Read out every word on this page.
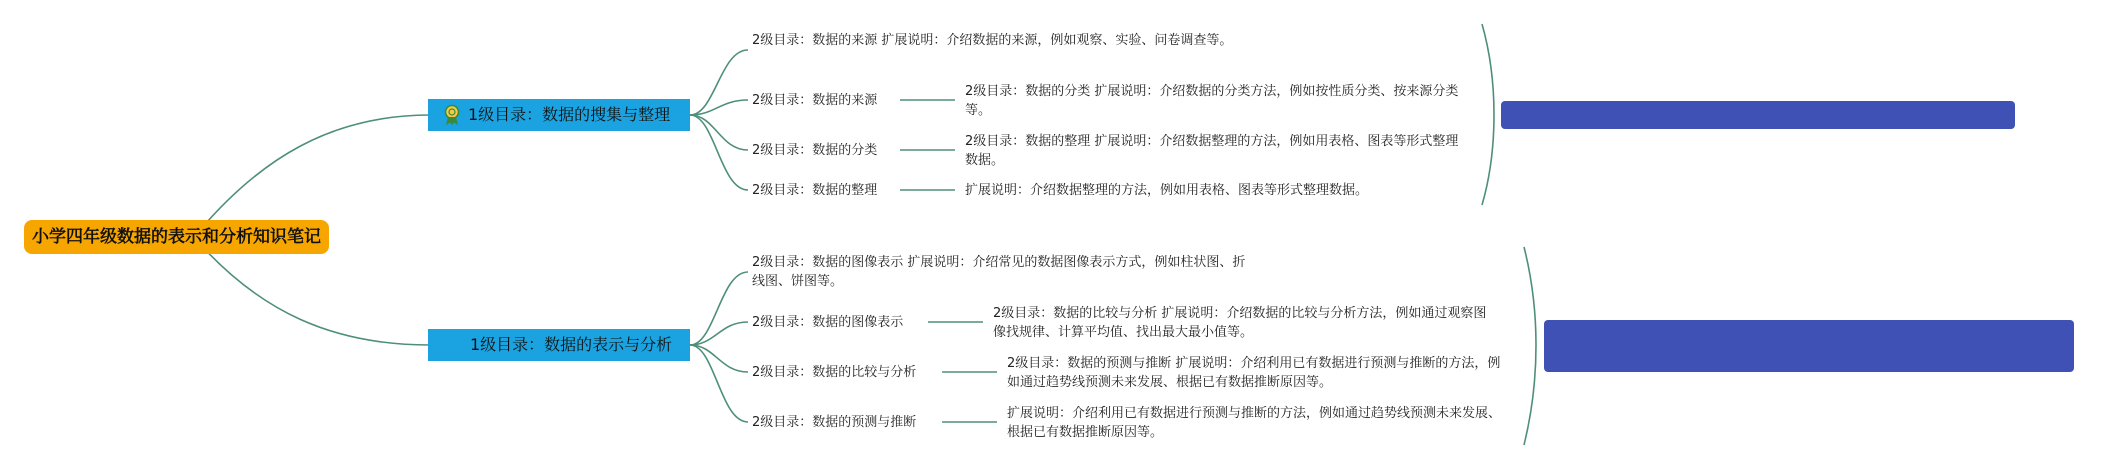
小学四年级数据的表示和分析知识笔记
1级目录：数据的搜集与整理
1级目录：数据的表示与分析
2级目录：数据的来源 扩展说明：介绍数据的来源，例如观察、实验、问卷调查等。
2级目录：数据的来源
2级目录：数据的分类
2级目录：数据的整理
2级目录：数据的分类 扩展说明：介绍数据的分类方法，例如按性质分类、按来源分类等。
2级目录：数据的整理 扩展说明：介绍数据整理的方法，例如用表格、图表等形式整理数据。
扩展说明：介绍数据整理的方法，例如用表格、图表等形式整理数据。
2级目录：数据的图像表示 扩展说明：介绍常见的数据图像表示方式，例如柱状图、折线图、饼图等。
2级目录：数据的图像表示
2级目录：数据的比较与分析
2级目录：数据的预测与推断
2级目录：数据的比较与分析 扩展说明：介绍数据的比较与分析方法，例如通过观察图像找规律、计算平均值、找出最大最小值等。
2级目录：数据的预测与推断 扩展说明：介绍利用已有数据进行预测与推断的方法，例如通过趋势线预测未来发展、根据已有数据推断原因等。
扩展说明：介绍利用已有数据进行预测与推断的方法，例如通过趋势线预测未来发展、根据已有数据推断原因等。
